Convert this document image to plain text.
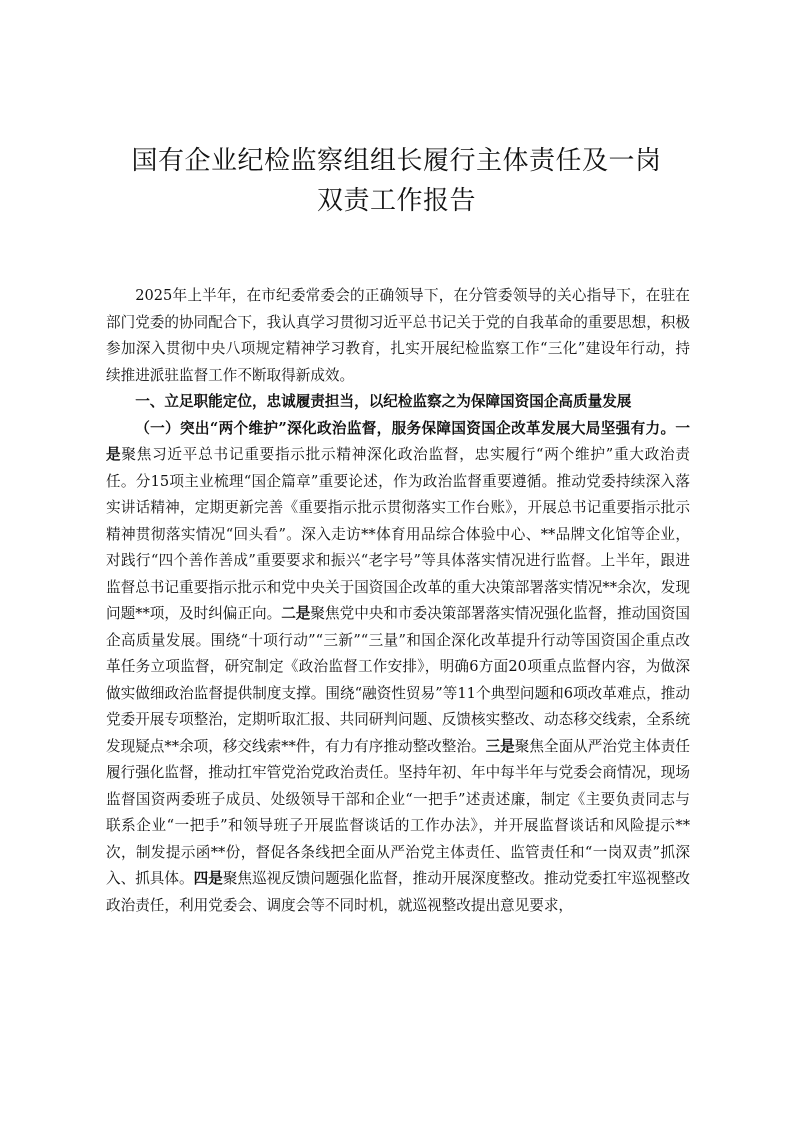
国有企业纪检监察组组长履行主体责任及一岗
双责工作报告

2025年上半年，在市纪委常委会的正确领导下，在分管委领导的关心指导下，在驻在部门党委的协同配合下，我认真学习贯彻习近平总书记关于党的自我革命的重要思想，积极参加深入贯彻中央八项规定精神学习教育，扎实开展纪检监察工作“三化”建设年行动，持续推进派驻监督工作不断取得新成效。

一、立足职能定位，忠诚履责担当，以纪检监察之为保障国资国企高质量发展

（一）突出“两个维护”深化政治监督，服务保障国资国企改革发展大局坚强有力。一是聚焦习近平总书记重要指示批示精神深化政治监督，忠实履行“两个维护”重大政治责任。分15项主业梳理“国企篇章”重要论述，作为政治监督重要遵循。推动党委持续深入落实讲话精神，定期更新完善《重要指示批示贯彻落实工作台账》，开展总书记重要指示批示精神贯彻落实情况“回头看”。深入走访**体育用品综合体验中心、**品牌文化馆等企业，对践行“四个善作善成”重要要求和振兴“老字号”等具体落实情况进行监督。上半年，跟进监督总书记重要指示批示和党中央关于国资国企改革的重大决策部署落实情况**余次，发现问题**项，及时纠偏正向。二是聚焦党中央和市委决策部署落实情况强化监督，推动国资国企高质量发展。围绕“十项行动”“三新”“三量”和国企深化改革提升行动等国资国企重点改革任务立项监督，研究制定《政治监督工作安排》，明确6方面20项重点监督内容，为做深做实做细政治监督提供制度支撑。围绕“融资性贸易”等11个典型问题和6项改革难点，推动党委开展专项整治，定期听取汇报、共同研判问题、反馈核实整改、动态移交线索，全系统发现疑点**余项，移交线索**件，有力有序推动整改整治。三是聚焦全面从严治党主体责任履行强化监督，推动扛牢管党治党政治责任。坚持年初、年中每半年与党委会商情况，现场监督国资两委班子成员、处级领导干部和企业“一把手”述责述廉，制定《主要负责同志与联系企业“一把手”和领导班子开展监督谈话的工作办法》，并开展监督谈话和风险提示**次，制发提示函**份，督促各条线把全面从严治党主体责任、监管责任和“一岗双责”抓深入、抓具体。四是聚焦巡视反馈问题强化监督，推动开展深度整改。推动党委扛牢巡视整改政治责任，利用党委会、调度会等不同时机，就巡视整改提出意见要求，
